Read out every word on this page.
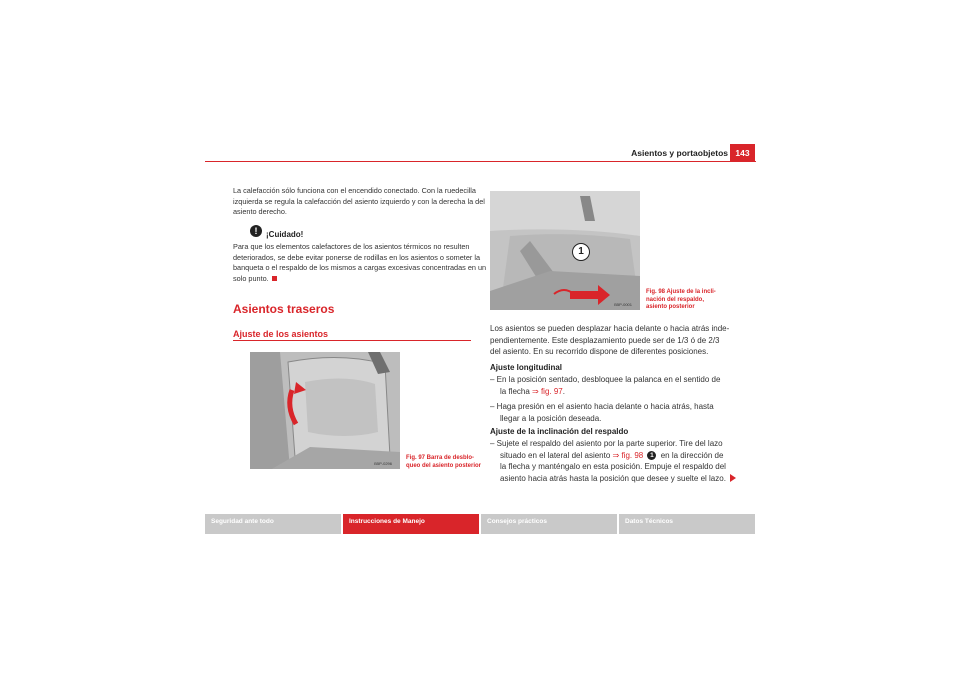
Asientos y portaobjetos 143
La calefacción sólo funciona con el encendido conectado. Con la ruedecilla
izquierda se regula la calefacción del asiento izquierdo y con la derecha la del
asiento derecho.
!	¡Cuidado!
Para que los elementos calefactores de los asientos térmicos no resulten
deteriorados, se debe evitar ponerse de rodillas en los asientos o someter la
banqueta o el respaldo de los mismos a cargas excesivas concentradas en un
solo punto.
Asientos traseros
Ajuste de los asientos
B5P-0296
Fig. 97 Barra de desblo-
queo del asiento posterior
1
B5P-0001
Fig. 98 Ajuste de la incli-
nación del respaldo,
asiento posterior
Los asientos se pueden desplazar hacia delante o hacia atrás inde-
pendientemente. Este desplazamiento puede ser de 1/3 ó de 2/3
del asiento. En su recorrido dispone de diferentes posiciones.
Ajuste longitudinal
– En la posición sentado, desbloquee la palanca en el sentido de
la flecha ⇒ fig. 97.
– Haga presión en el asiento hacia delante o hacia atrás, hasta
llegar a la posición deseada.
Ajuste de la inclinación del respaldo
– Sujete el respaldo del asiento por la parte superior. Tire del lazo
situado en el lateral del asiento ⇒ fig. 98 1 en la dirección de
la flecha y manténgalo en esta posición. Empuje el respaldo del
asiento hacia atrás hasta la posición que desee y suelte el lazo.
Seguridad ante todo	Instrucciones de Manejo	Consejos prácticos	Datos Técnicos
